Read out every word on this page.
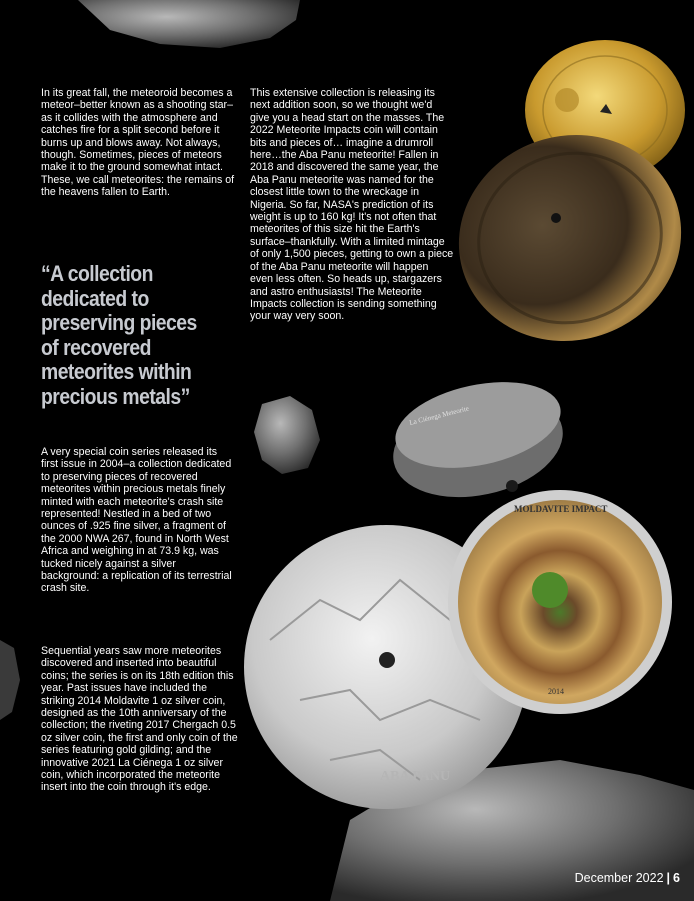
La Ciénega Meteorite
ABA PANU
MOLDAVITE IMPACT
2014

In its great fall, the meteoroid becomes a meteor–better known as a shooting star–as it collides with the atmosphere and catches fire for a split second before it burns up and blows away. Not always, though. Sometimes, pieces of meteors make it to the ground somewhat intact. These, we call meteorites: the remains of the heavens fallen to Earth.

“A collection dedicated to preserving pieces of recovered meteorites within precious metals”

A very special coin series released its first issue in 2004–a collection dedicated to preserving pieces of recovered meteorites within precious metals finely minted with each meteorite's crash site represented! Nestled in a bed of two ounces of .925 fine silver, a fragment of the 2000 NWA 267, found in North West Africa and weighing in at 73.9 kg, was tucked nicely against a silver background: a replication of its terrestrial crash site.

Sequential years saw more meteorites discovered and inserted into beautiful coins; the series is on its 18th edition this year. Past issues have included the striking 2014 Moldavite 1 oz silver coin, designed as the 10th anniversary of the collection; the riveting 2017 Chergach 0.5 oz silver coin, the first and only coin of the series featuring gold gilding; and the innovative 2021 La Ciénega 1 oz silver coin, which incorporated the meteorite insert into the coin through it's edge.

This extensive collection is releasing its next addition soon, so we thought we'd give you a head start on the masses. The 2022 Meteorite Impacts coin will contain bits and pieces of… imagine a drumroll here…the Aba Panu meteorite! Fallen in 2018 and discovered the same year, the Aba Panu meteorite was named for the closest little town to the wreckage in Nigeria. So far, NASA's prediction of its weight is up to 160 kg! It's not often that meteorites of this size hit the Earth's surface–thankfully. With a limited mintage of only 1,500 pieces, getting to own a piece of the Aba Panu meteorite will happen even less often. So heads up, stargazers and astro enthusiasts! The Meteorite Impacts collection is sending something your way very soon.

December 2022 | 6
